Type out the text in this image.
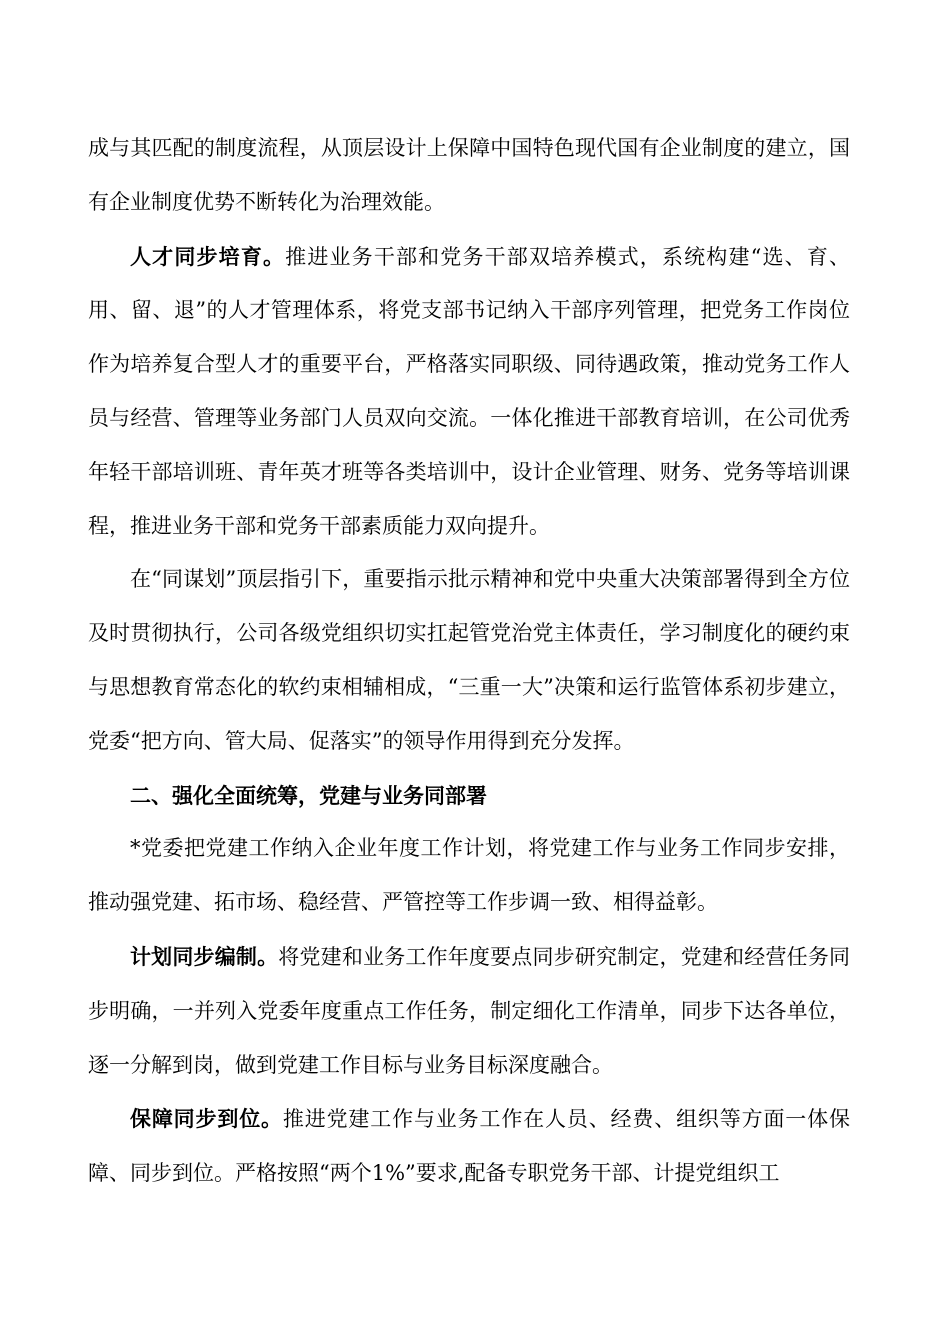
成与其匹配的制度流程，从顶层设计上保障中国特色现代国有企业制度的建立，国有企业制度优势不断转化为治理效能。

人才同步培育。推进业务干部和党务干部双培养模式，系统构建“选、育、用、留、退”的人才管理体系，将党支部书记纳入干部序列管理，把党务工作岗位作为培养复合型人才的重要平台，严格落实同职级、同待遇政策，推动党务工作人员与经营、管理等业务部门人员双向交流。一体化推进干部教育培训，在公司优秀年轻干部培训班、青年英才班等各类培训中，设计企业管理、财务、党务等培训课程，推进业务干部和党务干部素质能力双向提升。

在“同谋划”顶层指引下，重要指示批示精神和党中央重大决策部署得到全方位及时贯彻执行，公司各级党组织切实扛起管党治党主体责任，学习制度化的硬约束与思想教育常态化的软约束相辅相成，“三重一大”决策和运行监管体系初步建立，党委“把方向、管大局、促落实”的领导作用得到充分发挥。

二、强化全面统筹，党建与业务同部署

*党委把党建工作纳入企业年度工作计划，将党建工作与业务工作同步安排，推动强党建、拓市场、稳经营、严管控等工作步调一致、相得益彰。

计划同步编制。将党建和业务工作年度要点同步研究制定，党建和经营任务同步明确，一并列入党委年度重点工作任务，制定细化工作清单，同步下达各单位，逐一分解到岗，做到党建工作目标与业务目标深度融合。

保障同步到位。推进党建工作与业务工作在人员、经费、组织等方面一体保障、同步到位。严格按照“两个1%”要求,配备专职党务干部、计提党组织工
